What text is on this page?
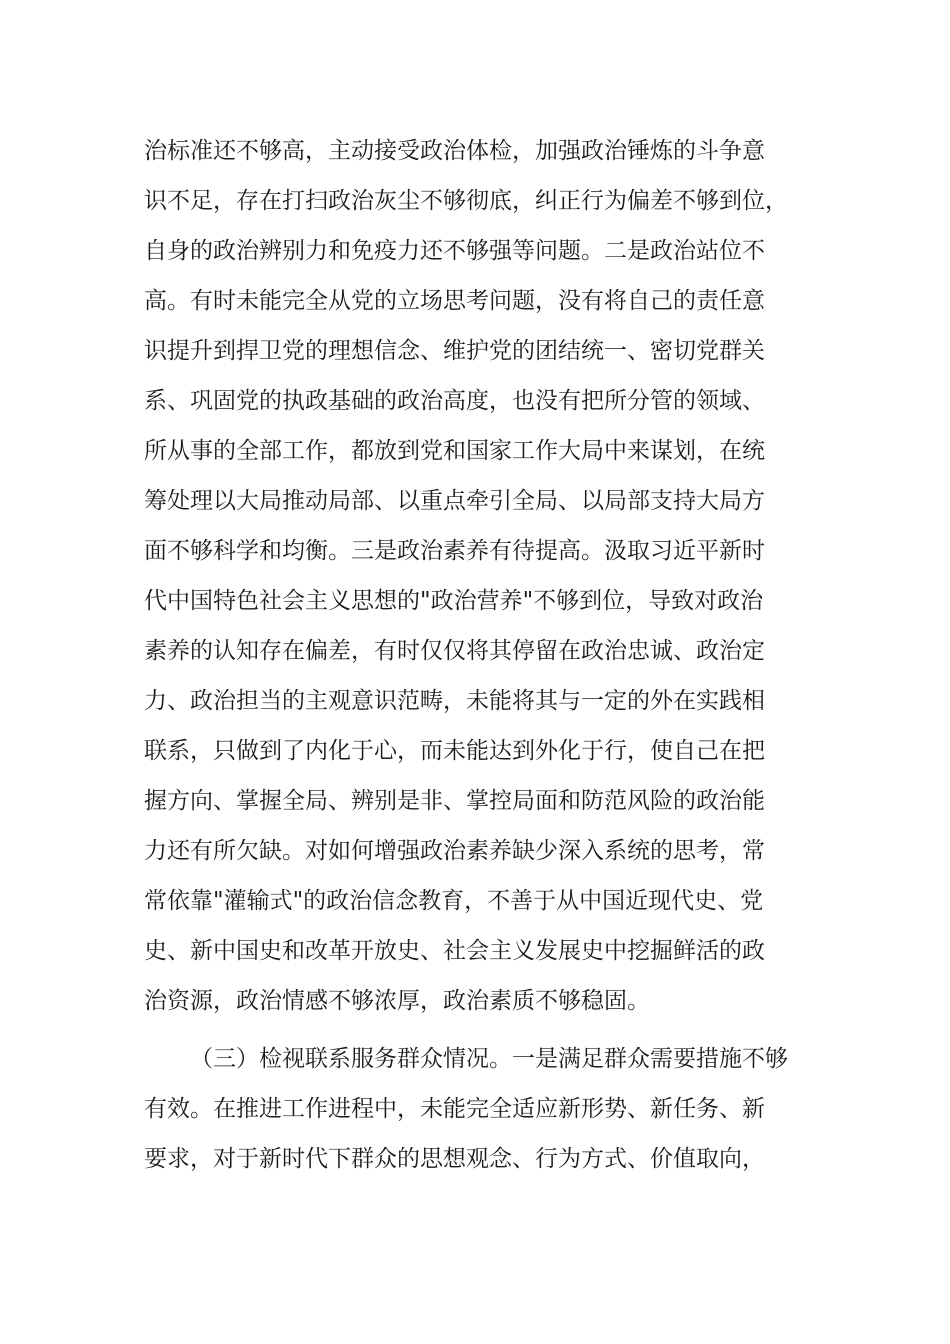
治标准还不够高，主动接受政治体检，加强政治锤炼的斗争意
识不足，存在打扫政治灰尘不够彻底，纠正行为偏差不够到位，
自身的政治辨别力和免疫力还不够强等问题。二是政治站位不
高。有时未能完全从党的立场思考问题，没有将自己的责任意
识提升到捍卫党的理想信念、维护党的团结统一、密切党群关
系、巩固党的执政基础的政治高度，也没有把所分管的领域、
所从事的全部工作，都放到党和国家工作大局中来谋划，在统
筹处理以大局推动局部、以重点牵引全局、以局部支持大局方
面不够科学和均衡。三是政治素养有待提高。汲取习近平新时
代中国特色社会主义思想的"政治营养"不够到位，导致对政治
素养的认知存在偏差，有时仅仅将其停留在政治忠诚、政治定
力、政治担当的主观意识范畴，未能将其与一定的外在实践相
联系，只做到了内化于心，而未能达到外化于行，使自己在把
握方向、掌握全局、辨别是非、掌控局面和防范风险的政治能
力还有所欠缺。对如何增强政治素养缺少深入系统的思考，常
常依靠"灌输式"的政治信念教育，不善于从中国近现代史、党
史、新中国史和改革开放史、社会主义发展史中挖掘鲜活的政
治资源，政治情感不够浓厚，政治素质不够稳固。
（三）检视联系服务群众情况。一是满足群众需要措施不够
有效。在推进工作进程中，未能完全适应新形势、新任务、新
要求，对于新时代下群众的思想观念、行为方式、价值取向，
